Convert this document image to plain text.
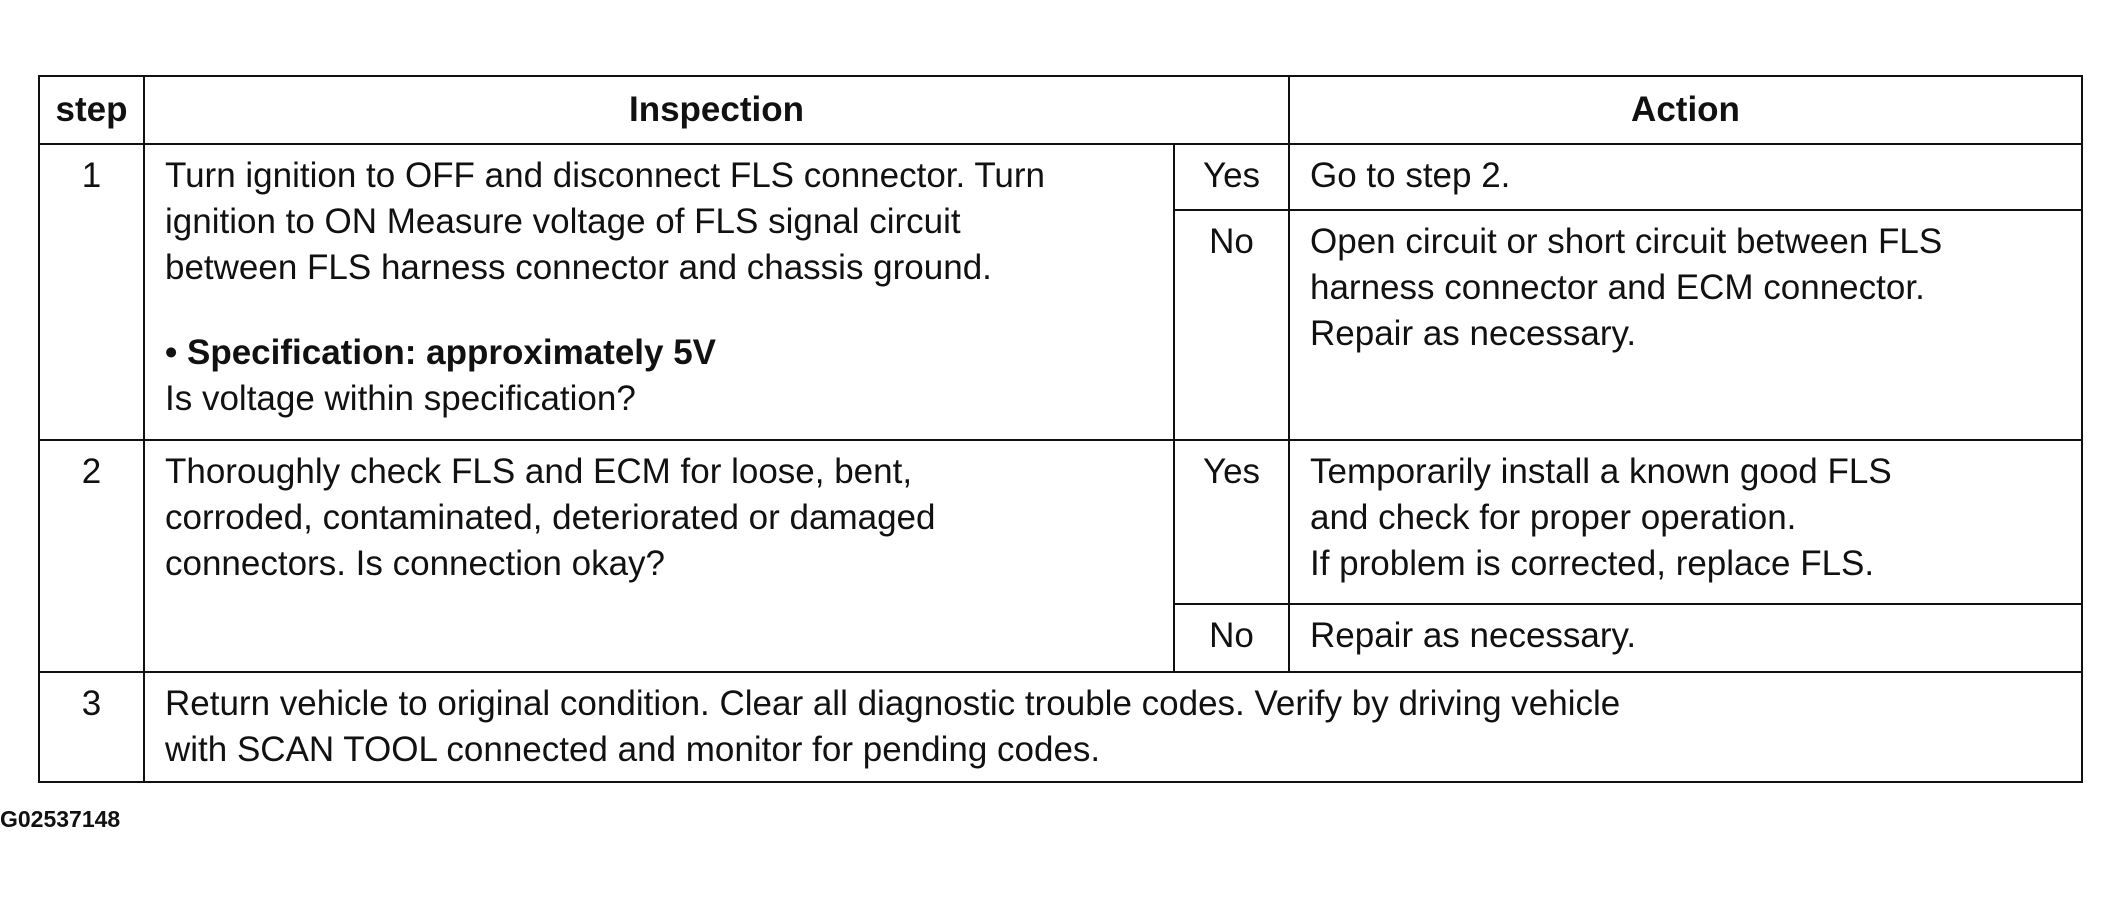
step	Inspection		Action
1	Turn ignition to OFF and disconnect FLS connector. Turn
ignition to ON Measure voltage of FLS signal circuit
between FLS harness connector and chassis ground.
• Specification: approximately 5V
Is voltage within specification?	Yes	Go to step 2.

		No	Open circuit or short circuit between FLS
harness connector and ECM connector.
Repair as necessary.

2	Thoroughly check FLS and ECM for loose, bent,
corroded, contaminated, deteriorated or damaged
connectors. Is connection okay?	Yes	Temporarily install a known good FLS
and check for proper operation.
If problem is corrected, replace FLS.

		No	Repair as necessary.

3	Return vehicle to original condition. Clear all diagnostic trouble codes. Verify by driving vehicle
with SCAN TOOL connected and monitor for pending codes.		
G02537148
